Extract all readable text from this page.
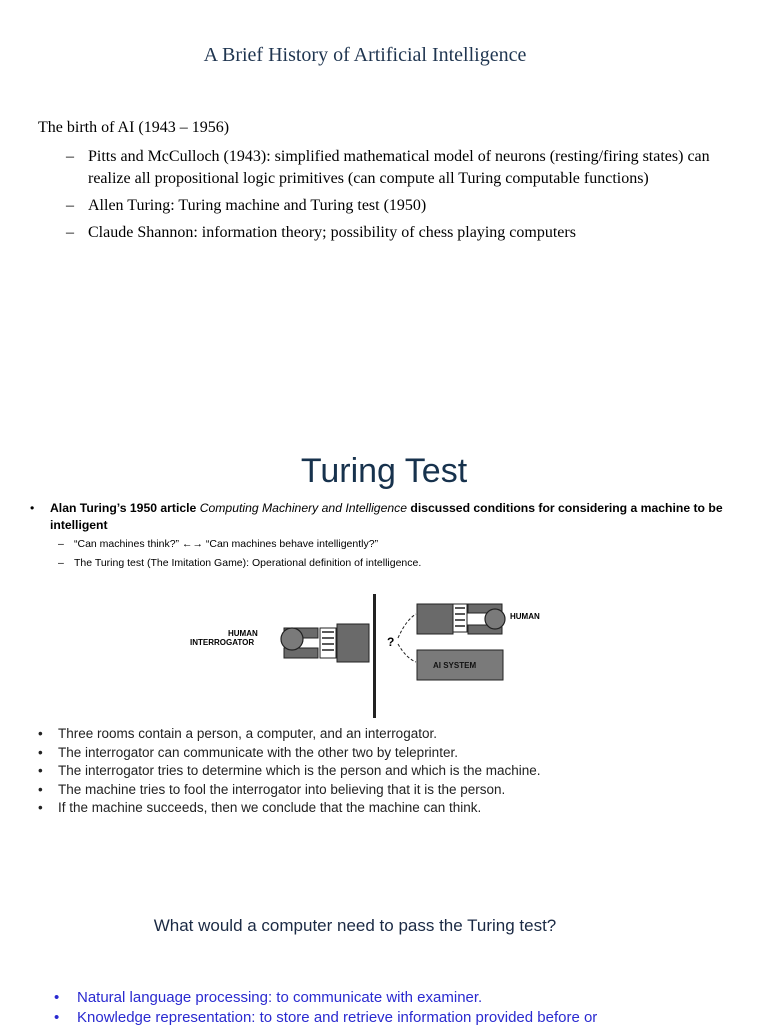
A Brief History of Artificial Intelligence
The birth of AI (1943 – 1956)
– Pitts and McCulloch (1943): simplified mathematical model of neurons (resting/firing states) can realize all propositional logic primitives (can compute all Turing computable functions)
– Allen Turing: Turing machine and Turing test (1950)
– Claude Shannon: information theory; possibility of chess playing computers
Turing Test
•	Alan Turing’s 1950 article Computing Machinery and Intelligence discussed conditions for considering a machine to be intelligent
– “Can machines think?” ←→ “Can machines behave intelligently?”
– The Turing test (The Imitation Game): Operational definition of intelligence.
HUMAN
INTERROGATOR	?
HUMAN
AI SYSTEM
• Three rooms contain a person, a computer, and an interrogator.
• The interrogator can communicate with the other two by teleprinter.
• The interrogator tries to determine which is the person and which is the machine.
• The machine tries to fool the interrogator into believing that it is the person.
• If the machine succeeds, then we conclude that the machine can think.
What would a computer need to pass the Turing test?
• Natural language processing: to communicate with examiner.
• Knowledge representation: to store and retrieve information provided before or
